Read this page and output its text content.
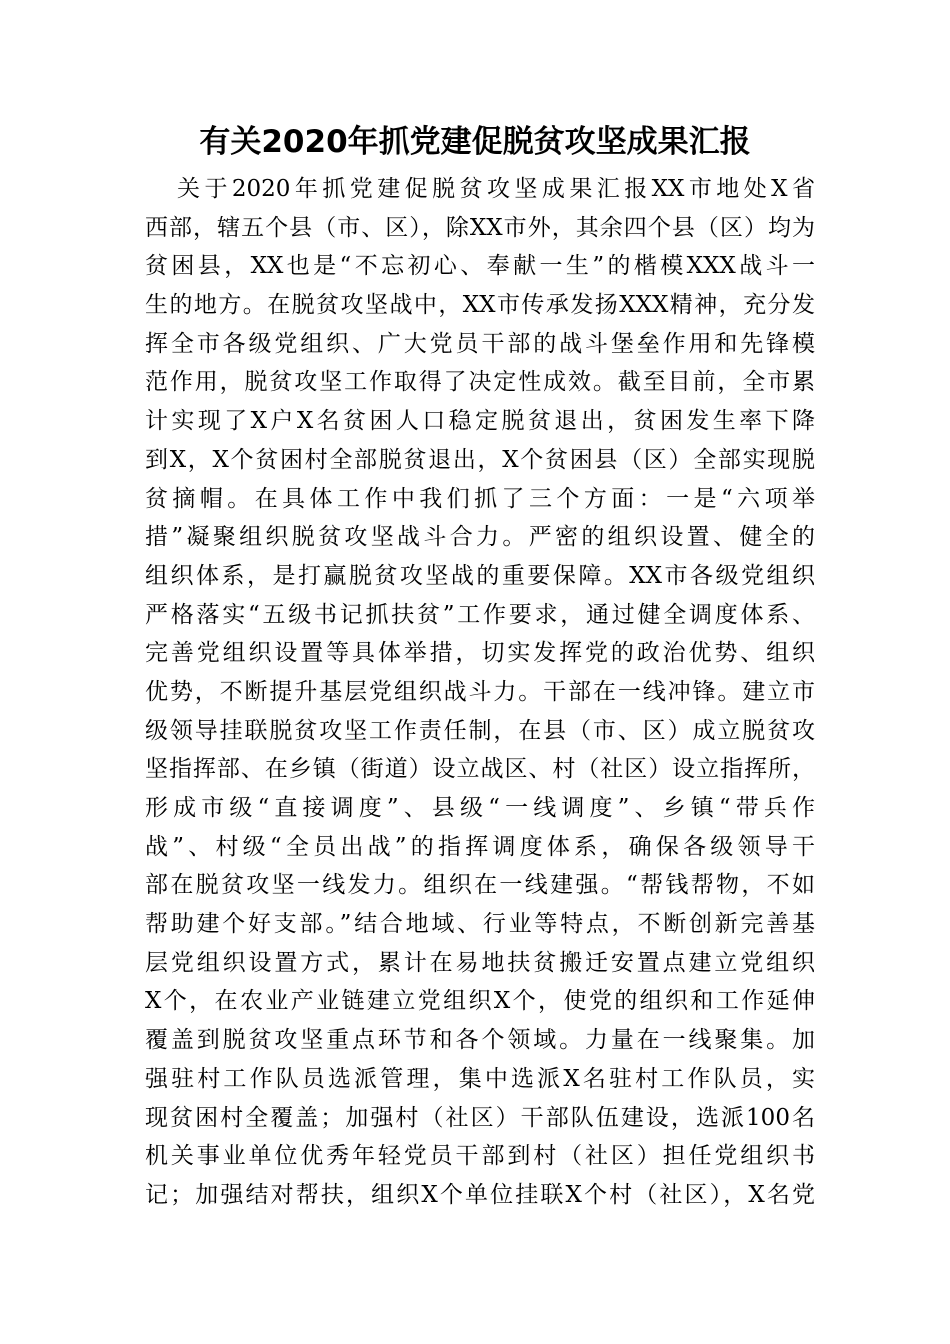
有关2020年抓党建促脱贫攻坚成果汇报
关于2020年抓党建促脱贫攻坚成果汇报XX市地处X省
西部，辖五个县（市、区），除XX市外，其余四个县（区）均为
贫困县，XX也是“不忘初心、奉献一生”的楷模XXX战斗一
生的地方。在脱贫攻坚战中，XX市传承发扬XXX精神，充分发
挥全市各级党组织、广大党员干部的战斗堡垒作用和先锋模
范作用，脱贫攻坚工作取得了决定性成效。截至目前，全市累
计实现了X户X名贫困人口稳定脱贫退出，贫困发生率下降
到X，X个贫困村全部脱贫退出，X个贫困县（区）全部实现脱
贫摘帽。在具体工作中我们抓了三个方面：一是“六项举
措”凝聚组织脱贫攻坚战斗合力。严密的组织设置、健全的
组织体系，是打赢脱贫攻坚战的重要保障。XX市各级党组织
严格落实“五级书记抓扶贫”工作要求，通过健全调度体系、
完善党组织设置等具体举措，切实发挥党的政治优势、组织
优势，不断提升基层党组织战斗力。干部在一线冲锋。建立市
级领导挂联脱贫攻坚工作责任制，在县（市、区）成立脱贫攻
坚指挥部、在乡镇（街道）设立战区、村（社区）设立指挥所，
形成市级“直接调度”、县级“一线调度”、乡镇“带兵作
战”、村级“全员出战”的指挥调度体系，确保各级领导干
部在脱贫攻坚一线发力。组织在一线建强。“帮钱帮物，不如
帮助建个好支部。”结合地域、行业等特点，不断创新完善基
层党组织设置方式，累计在易地扶贫搬迁安置点建立党组织
X个，在农业产业链建立党组织X个，使党的组织和工作延伸
覆盖到脱贫攻坚重点环节和各个领域。力量在一线聚集。加
强驻村工作队员选派管理，集中选派X名驻村工作队员，实
现贫困村全覆盖；加强村（社区）干部队伍建设，选派100名
机关事业单位优秀年轻党员干部到村（社区）担任党组织书
记；加强结对帮扶，组织X个单位挂联X个村（社区），X名党
